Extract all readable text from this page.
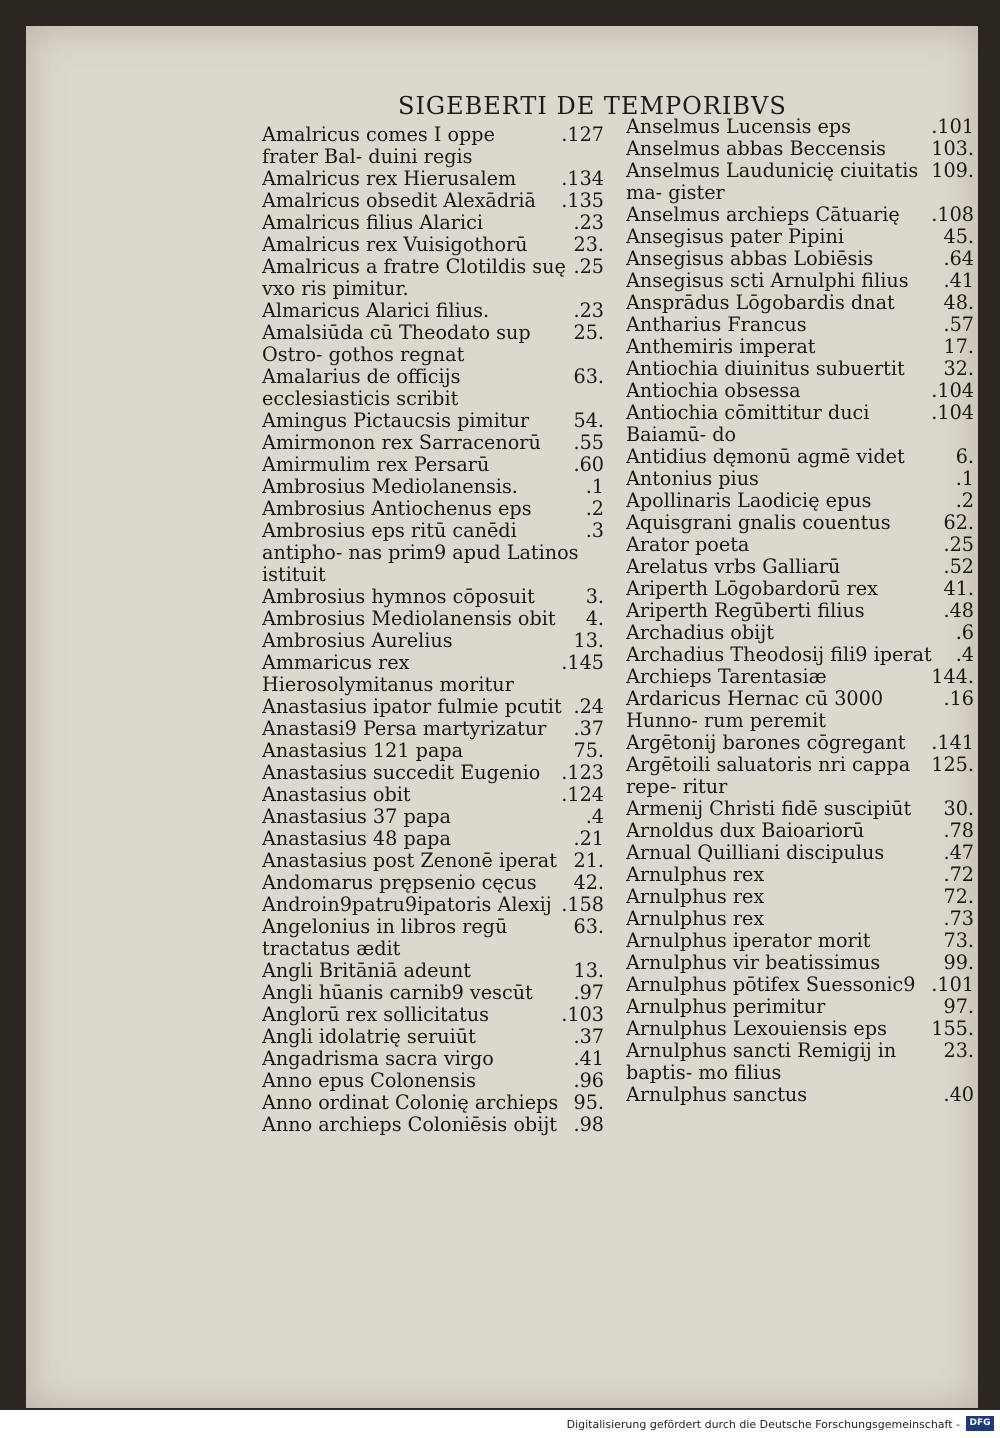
SIGEBERTI DE TEMPORIBVS
.127
Amalricus comes I oppe frater Bal- duini regis
.134
Amalricus rex Hierusalem
.135
Amalricus obsedit Alexādriā
.23
Amalricus filius Alarici
23.
Amalricus rex Vuisigothorū
.25
Amalricus a fratre Clotildis suę vxo ris pimitur.
.23
Almaricus Alarici filius.
25.
Amalsiūda cū Theodato sup Ostro- gothos regnat
63.
Amalarius de officijs ecclesiasticis scribit
54.
Amingus Pictaucsis pimitur
.55
Amirmonon rex Sarracenorū
.60
Amirmulim rex Persarū
.1
Ambrosius Mediolanensis.
.2
Ambrosius Antiochenus eps
.3
Ambrosius eps ritū canēdi antipho- nas prim9 apud Latinos istituit
3.
Ambrosius hymnos cōposuit
4.
Ambrosius Mediolanensis obit
13.
Ambrosius Aurelius
.145
Ammaricus rex Hierosolymitanus moritur
.24
Anastasius ipator fulmie pcutit
.37
Anastasi9 Persa martyrizatur
75.
Anastasius 121 papa
.123
Anastasius succedit Eugenio
.124
Anastasius obit
.4
Anastasius 37 papa
.21
Anastasius 48 papa
21.
Anastasius post Zenonē iperat
42.
Andomarus prępsenio cęcus
.158
Androin9patru9ipatoris Alexij
63.
Angelonius in libros regū tractatus ædit
13.
Angli Britāniā adeunt
.97
Angli hūanis carnib9 vescūt
.103
Anglorū rex sollicitatus
.37
Angli idolatrię seruiūt
.41
Angadrisma sacra virgo
.96
Anno epus Colonensis
95.
Anno ordinat Colonię archieps
.98
Anno archieps Coloniēsis obijt
.101
Anselmus Lucensis eps
103.
Anselmus abbas Beccensis
109.
Anselmus Laudunicię ciuitatis ma- gister
.108
Anselmus archieps Cātuarię
45.
Ansegisus pater Pipini
.64
Ansegisus abbas Lobiēsis
.41
Ansegisus scti Arnulphi filius
48.
Ansprādus Lōgobardis dnat
.57
Antharius Francus
17.
Anthemiris imperat
32.
Antiochia diuinitus subuertit
.104
Antiochia obsessa
.104
Antiochia cōmittitur duci Baiamū- do
6.
Antidius dęmonū agmē videt
.1
Antonius pius
.2
Apollinaris Laodicię epus
62.
Aquisgrani gnalis couentus
.25
Arator poeta
.52
Arelatus vrbs Galliarū
41.
Ariperth Lōgobardorū rex
.48
Ariperth Regūberti filius
.6
Archadius obijt
.4
Archadius Theodosij fili9 iperat
144.
Archieps Tarentasiæ
.16
Ardaricus Hernac cū 3000 Hunno- rum peremit
.141
Argētonij barones cōgregant
125.
Argētoili saluatoris nri cappa repe- ritur
30.
Armenij Christi fidē suscipiūt
.78
Arnoldus dux Baioariorū
.47
Arnual Quilliani discipulus
.72
Arnulphus rex
72.
Arnulphus rex
.73
Arnulphus rex
73.
Arnulphus iperator morit
99.
Arnulphus vir beatissimus
.101
Arnulphus pōtifex Suessonic9
97.
Arnulphus perimitur
155.
Arnulphus Lexouiensis eps
23.
Arnulphus sancti Remigij in baptis- mo filius
.40
Arnulphus sanctus
Digitalisierung gefördert durch die Deutsche Forschungsgemeinschaft -	DFG
